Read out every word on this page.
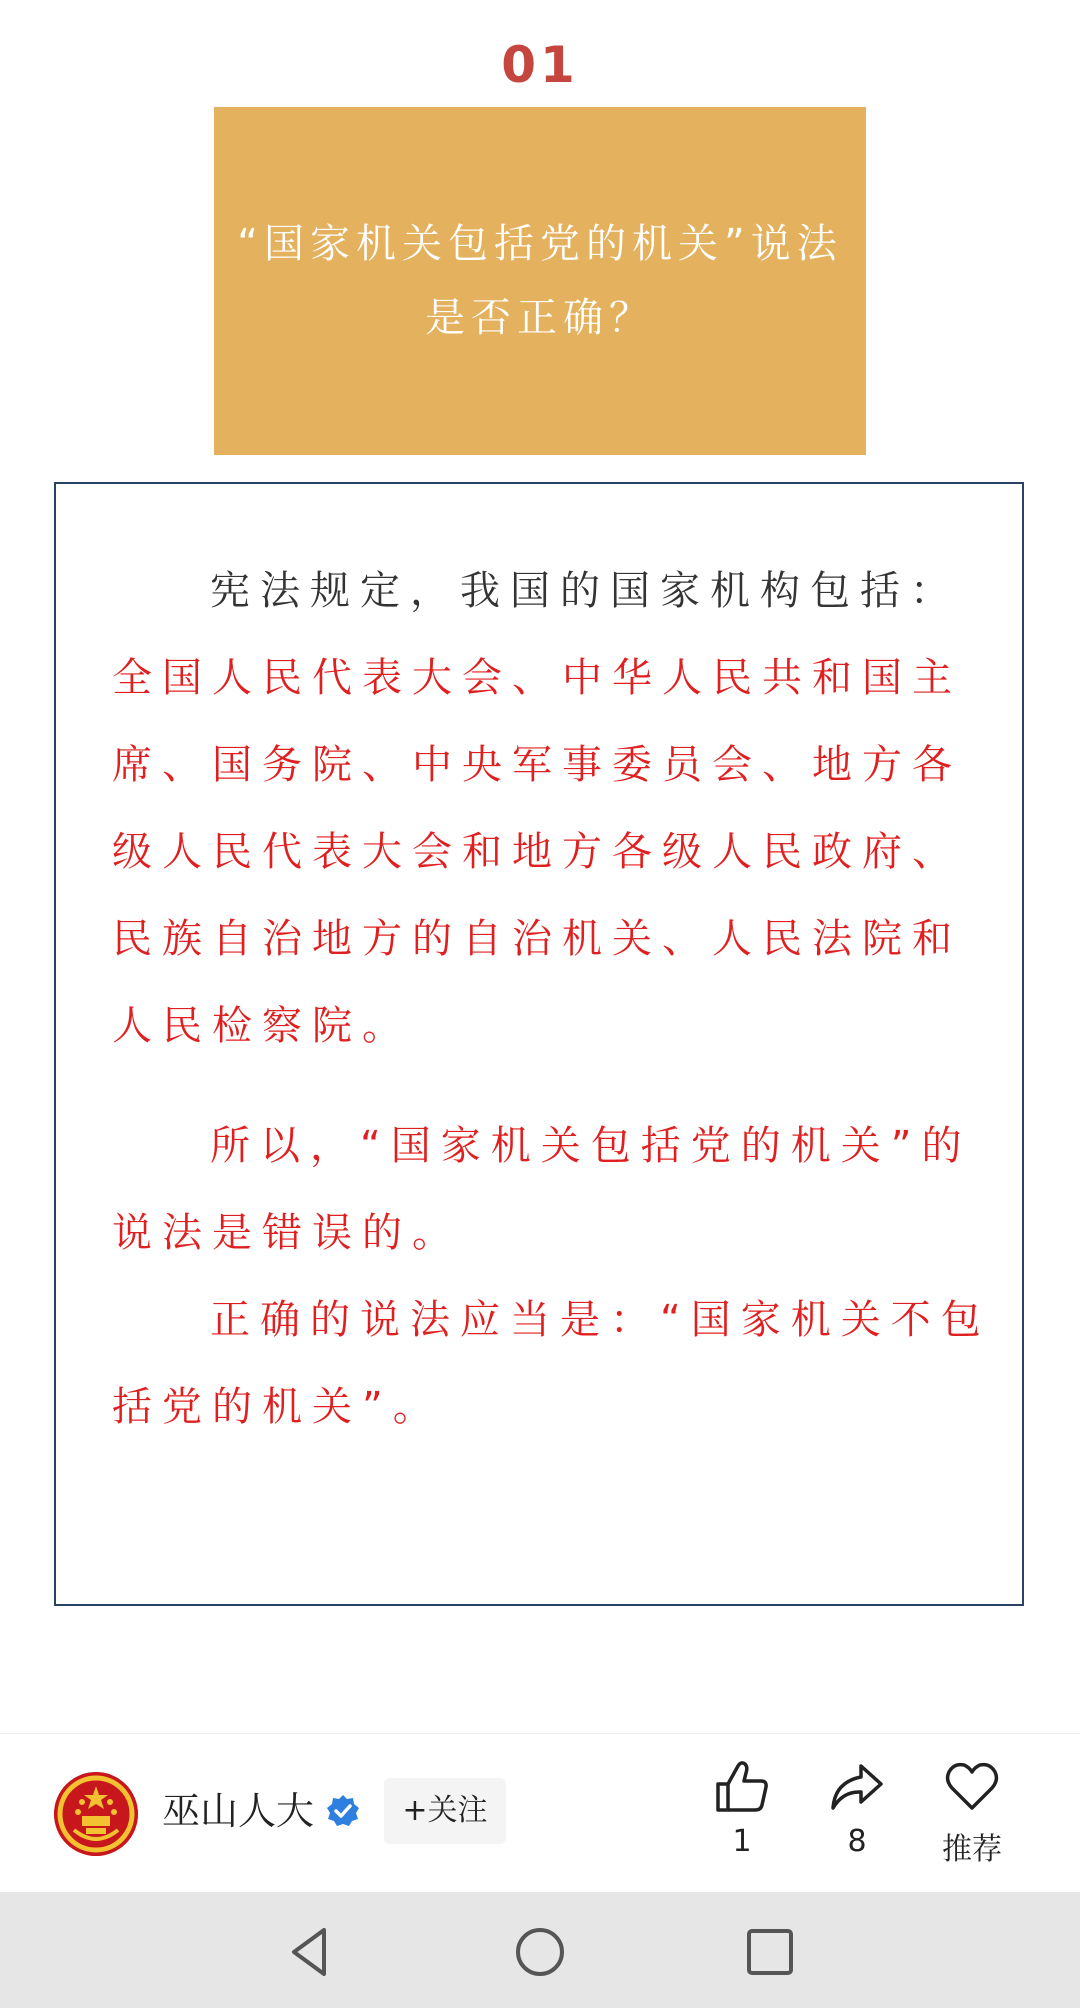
01
“国家机关包括党的机关”说法
是否正确？
宪法规定，我国的国家机构包括：
全国人民代表大会、中华人民共和国主
席、国务院、中央军事委员会、地方各
级人民代表大会和地方各级人民政府、
民族自治地方的自治机关、人民法院和
人民检察院。
所以，“国家机关包括党的机关”的
说法是错误的。
正确的说法应当是：“国家机关不包
括党的机关”。
巫山人大	+关注
1	8	推荐
